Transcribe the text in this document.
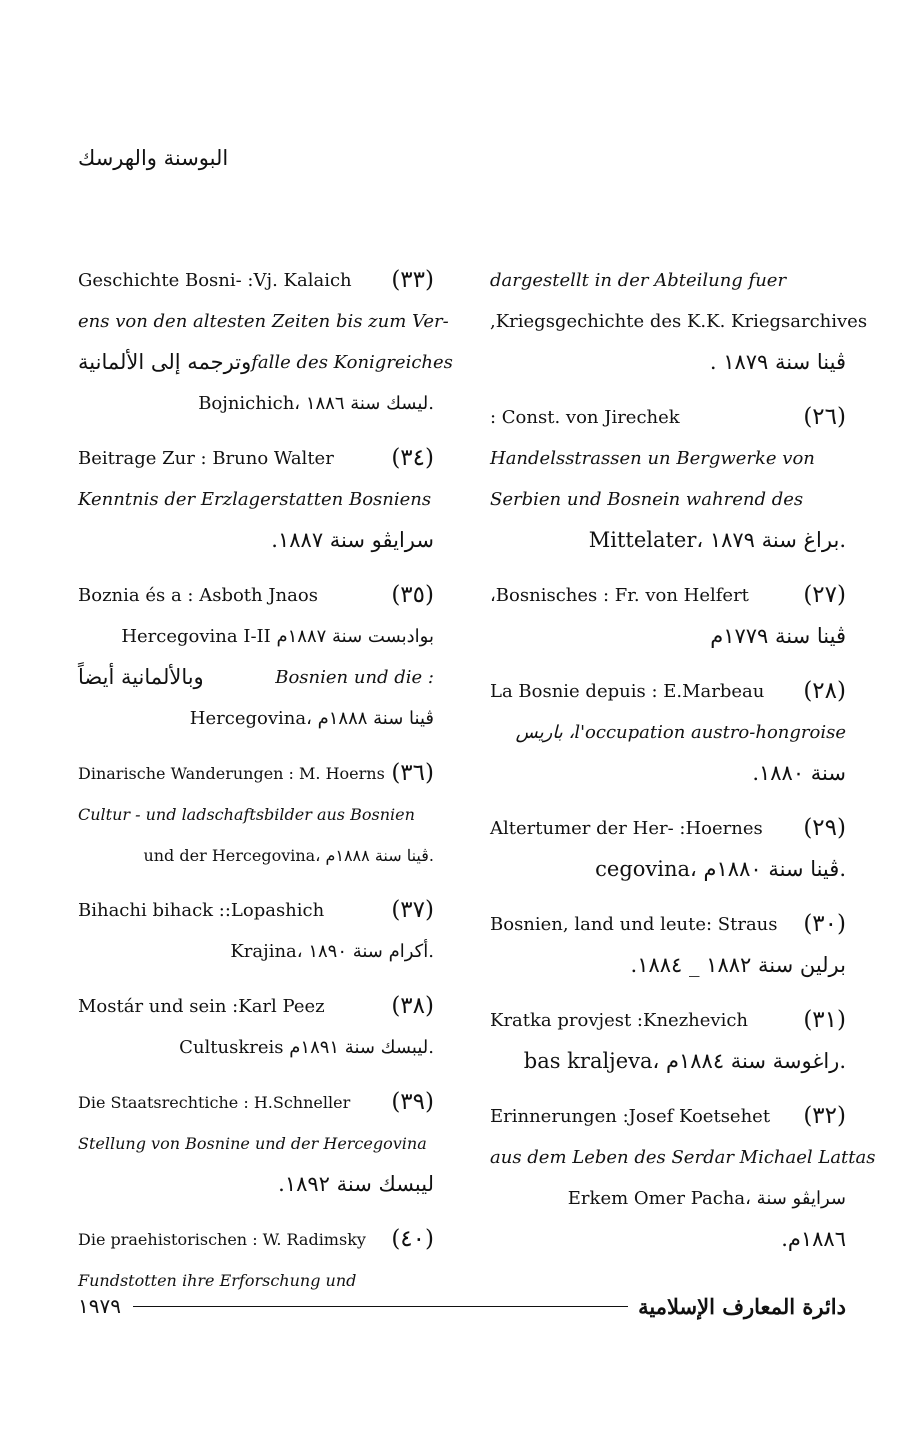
البوسنة والهرسك
dargestellt in der Abteilung fuer
,Kriegsgechichte des K.K. Kriegsarchives
ڤينا سنة ١٨٧٩ .
: Const. von Jirechek	(٢٦)
Handelsstrassen un Bergwerke von
Serbien und Bosnein wahrend des
Mittelater، براغ سنة ١٨٧٩.
،Bosnisches : Fr. von Helfert (٢٧)
ڤينا سنة ١٧٧٩م
La Bosnie depuis : E.Marbeau (٢٨)
باريس ،l'occupation austro-hongroise
سنة ١٨٨٠.
Altertumer der Her- :Hoernes (٢٩)
cegovina، ڤينا سنة ١٨٨٠م.
Bosnien, land und leute: Straus (٣٠)
برلين سنة ١٨٨٢ _ ١٨٨٤.
Kratka provjest :Knezhevich (٣١)
bas kraljeva، راغوسة سنة ١٨٨٤م.
Erinnerungen :Josef Koetsehet (٣٢)
aus dem Leben des Serdar Michael Lattas
Erkem Omer Pacha، سرايڤو سنة
١٨٨٦م.
Geschichte Bosni- :Vj. Kalaich (٣٣)
ens von den altesten Zeiten bis zum Ver-
وترجمه إلى الألمانية falle des Konigreiches
Bojnichich، ليسك سنة ١٨٨٦.
Beitrage Zur : Bruno Walter	(٣٤)
Kenntnis der Erzlagerstatten Bosniens
سرايڤو سنة ١٨٨٧.
Boznia és a : Asboth Jnaos	(٣٥)
Hercegovina I-II بوادبست سنة ١٨٨٧م
وبالألمانية أيضاً	Bosnien und die :
Hercegovina، ڤينا سنة ١٨٨٨م
Dinarische Wanderungen : M. Hoerns (٣٦)
Cultur - und ladschaftsbilder aus Bosnien
und der Hercegovina، ڤينا سنة ١٨٨٨م.
Bihachi bihack ::Lopashich	(٣٧)
Krajina، أكرام سنة ١٨٩٠.
Mostár und sein :Karl Peez	(٣٨)
Cultuskreis ليبسك سنة ١٨٩١م.
Die Staatsrechtiche : H.Schneller (٣٩)
Stellung von Bosnine und der Hercegovina
ليبسك سنة ١٨٩٢.
Die praehistorischen : W. Radimsky (٤٠)
Fundstotten ihre Erforschung und
١٩٧٩	دائرة المعارف الإسلامية
